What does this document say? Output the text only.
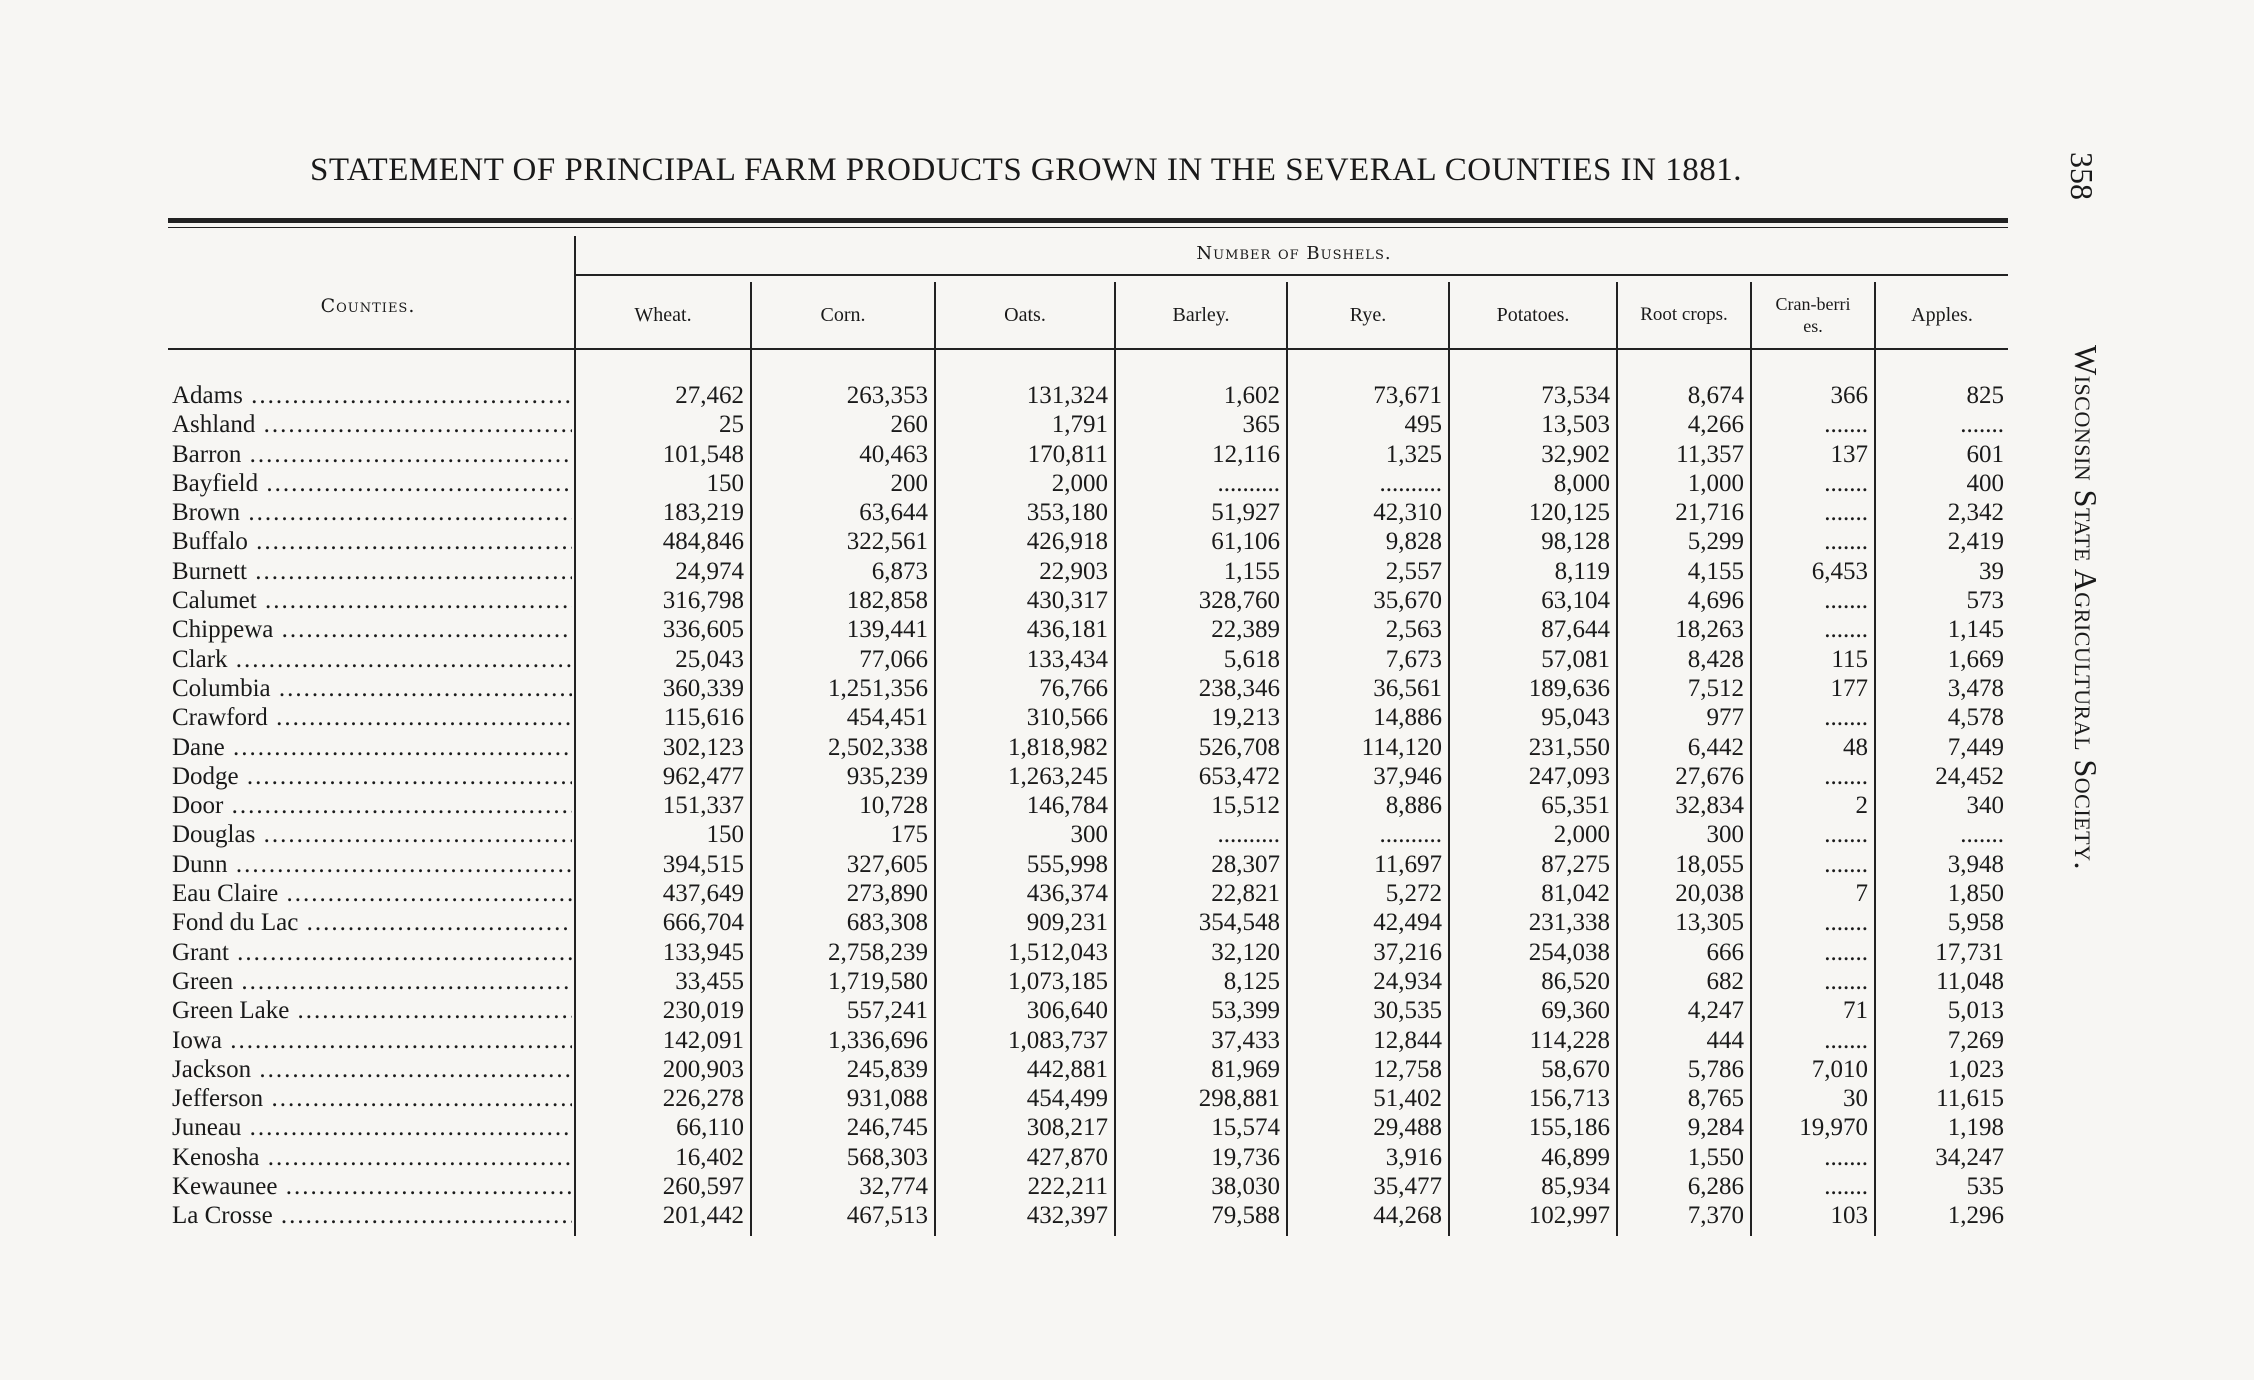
STATEMENT OF PRINCIPAL FARM PRODUCTS GROWN IN THE SEVERAL COUNTIES IN 1881.	358
Wisconsin State Agricultural Society.
Number of Bushels.
Counties.	Wheat.	Corn.	Oats.	Barley.	Rye.	Potatoes.	Root crops.	Cran-berries.	Apples.
Adams .....	27,462	263,353	131,324	1,602	73,671	73,534	8,674	366	825
Ashland .....	25	260	1,791	365	495	13,503	4,266	.......	.......
Barron .....	101,548	40,463	170,811	12,116	1,325	32,902	11,357	137	601
Bayfield .....	150	200	2,000	..........	..........	8,000	1,000	.......	400
Brown .....	183,219	63,644	353,180	51,927	42,310	120,125	21,716	.......	2,342
Buffalo .....	484,846	322,561	426,918	61,106	9,828	98,128	5,299	.......	2,419
Burnett .....	24,974	6,873	22,903	1,155	2,557	8,119	4,155	6,453	39
Calumet .....	316,798	182,858	430,317	328,760	35,670	63,104	4,696	.......	573
Chippewa .....	336,605	139,441	436,181	22,389	2,563	87,644	18,263	.......	1,145
Clark .....	25,043	77,066	133,434	5,618	7,673	57,081	8,428	115	1,669
Columbia .....	360,339	1,251,356	76,766	238,346	36,561	189,636	7,512	177	3,478
Crawford .....	115,616	454,451	310,566	19,213	14,886	95,043	977	.......	4,578
Dane .....	302,123	2,502,338	1,818,982	526,708	114,120	231,550	6,442	48	7,449
Dodge .....	962,477	935,239	1,263,245	653,472	37,946	247,093	27,676	.......	24,452
Door .....	151,337	10,728	146,784	15,512	8,886	65,351	32,834	2	340
Douglas .....	150	175	300	..........	..........	2,000	300	.......	.......
Dunn .....	394,515	327,605	555,998	28,307	11,697	87,275	18,055	.......	3,948
Eau Claire .....	437,649	273,890	436,374	22,821	5,272	81,042	20,038	7	1,850
Fond du Lac .....	666,704	683,308	909,231	354,548	42,494	231,338	13,305	.......	5,958
Grant .....	133,945	2,758,239	1,512,043	32,120	37,216	254,038	666	.......	17,731
Green .....	33,455	1,719,580	1,073,185	8,125	24,934	86,520	682	.......	11,048
Green Lake .....	230,019	557,241	306,640	53,399	30,535	69,360	4,247	71	5,013
Iowa .....	142,091	1,336,696	1,083,737	37,433	12,844	114,228	444	.......	7,269
Jackson .....	200,903	245,839	442,881	81,969	12,758	58,670	5,786	7,010	1,023
Jefferson .....	226,278	931,088	454,499	298,881	51,402	156,713	8,765	30	11,615
Juneau .....	66,110	246,745	308,217	15,574	29,488	155,186	9,284	19,970	1,198
Kenosha .....	16,402	568,303	427,870	19,736	3,916	46,899	1,550	.......	34,247
Kewaunee .....	260,597	32,774	222,211	38,030	35,477	85,934	6,286	.......	535
La Crosse .....	201,442	467,513	432,397	79,588	44,268	102,997	7,370	103	1,296
